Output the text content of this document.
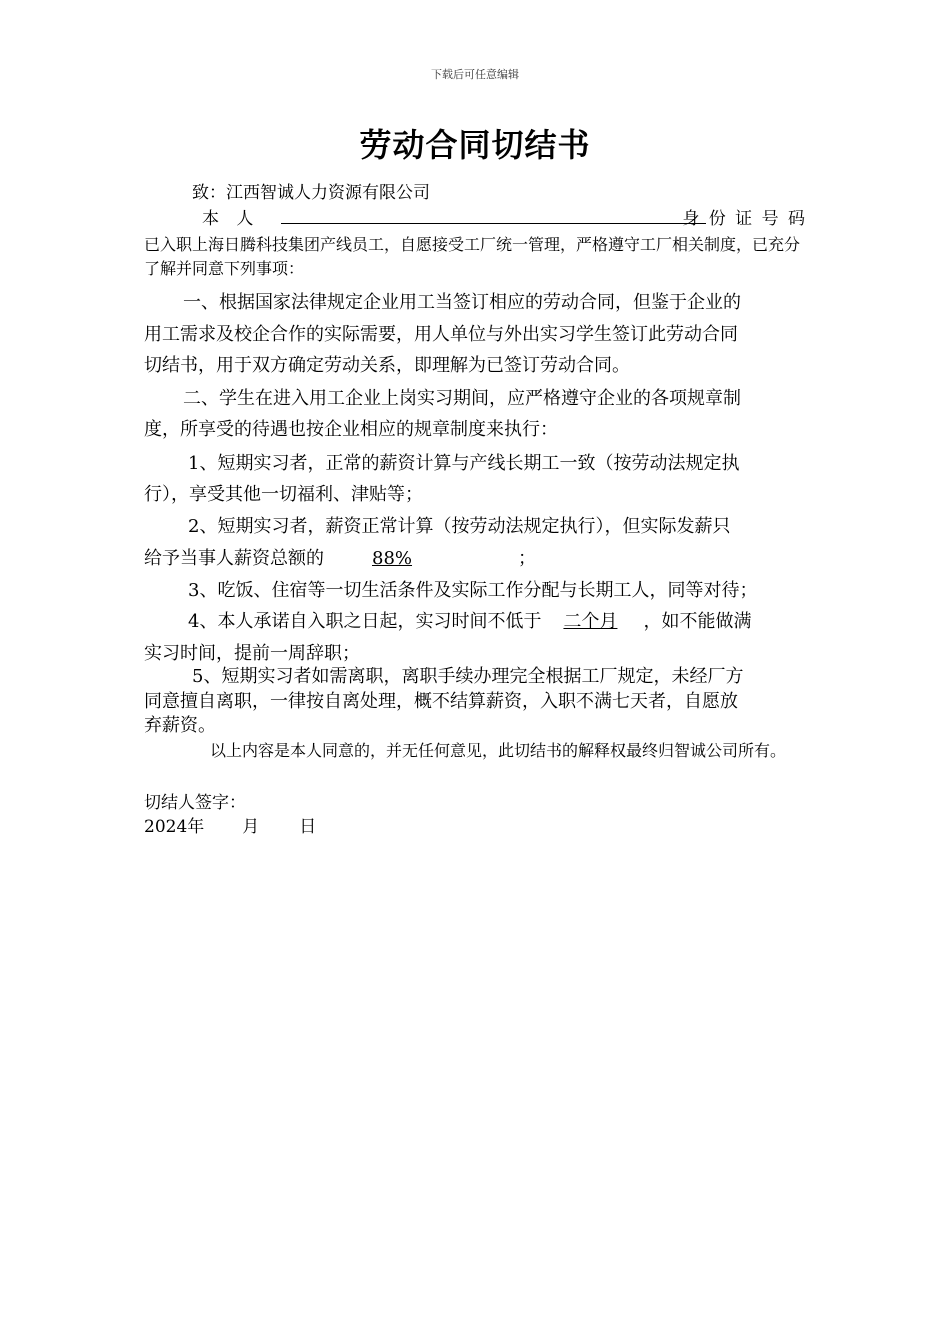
下载后可任意编辑
劳动合同切结书
致：江西智诚人力资源有限公司
本 人	身 份 证 号 码
已入职上海日腾科技集团产线员工，自愿接受工厂统一管理，严格遵守工厂相关制度，已充分
了解并同意下列事项：
一、根据国家法律规定企业用工当签订相应的劳动合同，但鉴于企业的
用工需求及校企合作的实际需要，用人单位与外出实习学生签订此劳动合同
切结书，用于双方确定劳动关系，即理解为已签订劳动合同。
二、学生在进入用工企业上岗实习期间，应严格遵守企业的各项规章制
度，所享受的待遇也按企业相应的规章制度来执行：
1、短期实习者，正常的薪资计算与产线长期工一致（按劳动法规定执
行），享受其他一切福利、津贴等；
2、短期实习者，薪资正常计算（按劳动法规定执行），但实际发薪只
给予当事人薪资总额的	88%	；
3、吃饭、住宿等一切生活条件及实际工作分配与长期工人，同等对待；
4、本人承诺自入职之日起，实习时间不低于 二个月 ，如不能做满
实习时间，提前一周辞职；
5、短期实习者如需离职，离职手续办理完全根据工厂规定，未经厂方
同意擅自离职，一律按自离处理，概不结算薪资，入职不满七天者，自愿放
弃薪资。
以上内容是本人同意的，并无任何意见，此切结书的解释权最终归智诚公司所有。
切结人签字：
2024年 月 日
